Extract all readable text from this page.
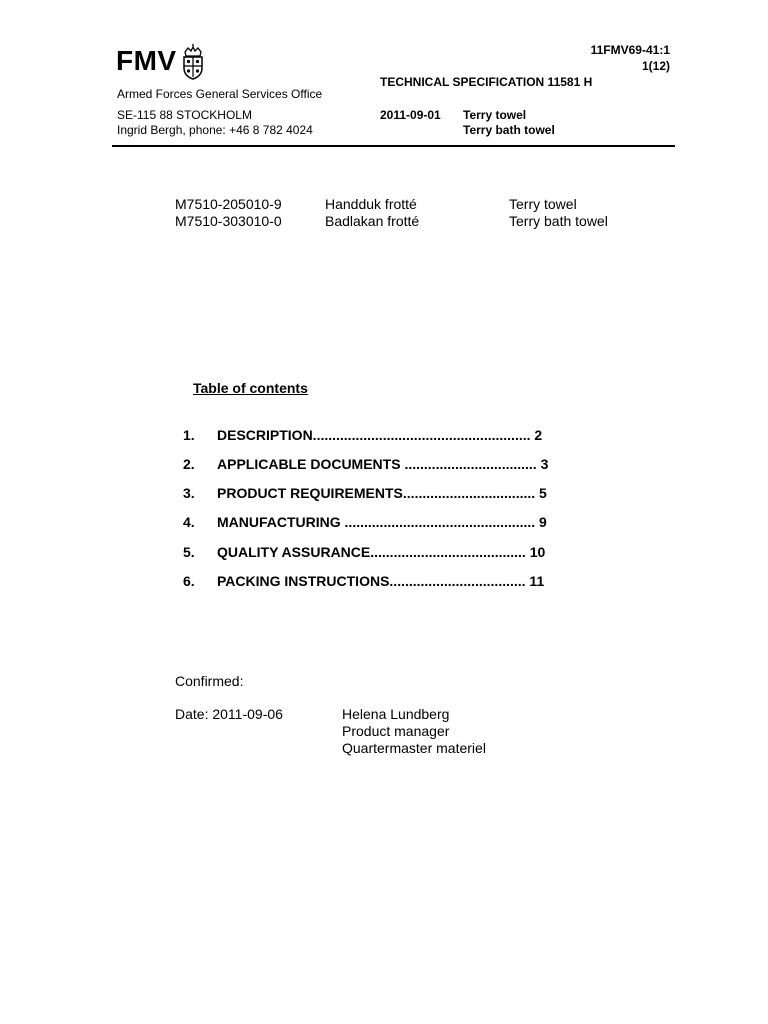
FMV
Armed Forces General Services Office
SE-115 88 STOCKHOLM
Ingrid Bergh, phone: +46 8 782 4024
11FMV69-41:1
1(12)
TECHNICAL SPECIFICATION 11581 H
2011-09-01 Terry towel
Terry bath towel
M7510-205010-9	Handduk frotté	Terry towel
M7510-303010-0	Badlakan frotté	Terry bath towel
Table of contents
1. DESCRIPTION........................................................ 2
2. APPLICABLE DOCUMENTS .................................. 3
3. PRODUCT REQUIREMENTS.................................. 5
4. MANUFACTURING ................................................. 9
5. QUALITY ASSURANCE........................................ 10
6. PACKING INSTRUCTIONS................................... 11
Confirmed:
Date: 2011-09-06	Helena Lundberg
Product manager
Quartermaster materiel
